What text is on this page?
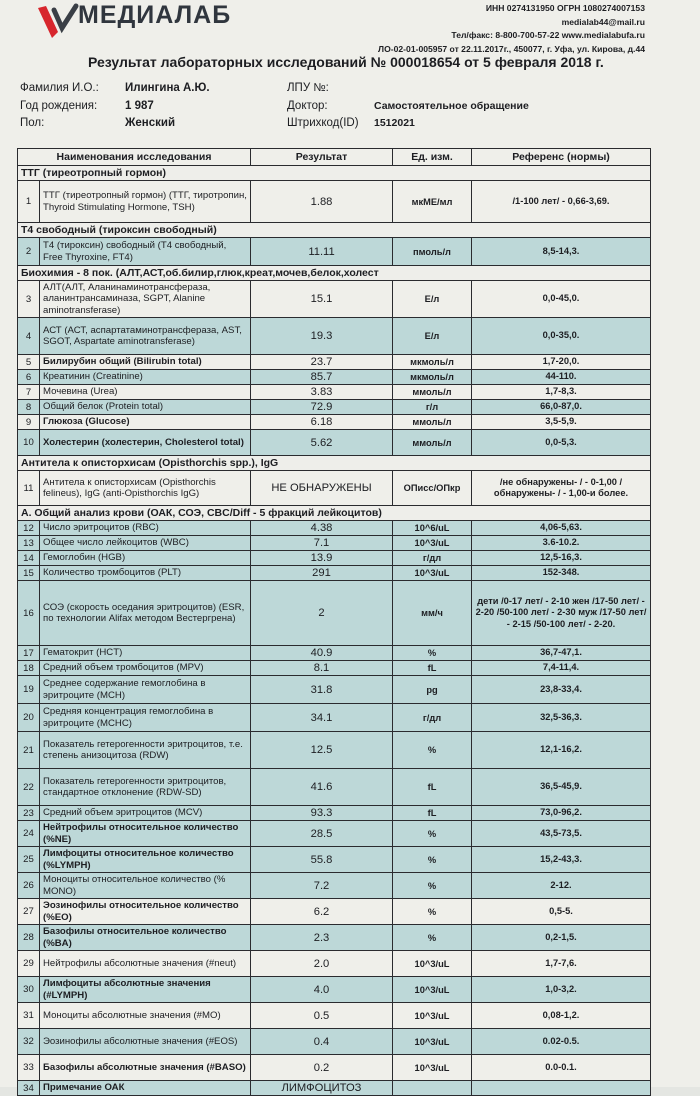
МЕДИАЛАБ	ИНН 0274131950 ОГРН 1080274007153
medialab44@mail.ru
Тел/факс: 8-800-700-57-22 www.medialabufa.ru
ЛО-02-01-005957 от 22.11.2017г., 450077, г. Уфа, ул. Кирова, д.44
Результат лабораторных исследований № 000018654 от 5 февраля 2018 г.
Фамилия И.О.: Илингина А.Ю.
Год рождения: 1 987
Пол:	Женский
ЛПУ №:
Доктор:	Самостоятельное обращение
Штрихкод(ID) 1512021
Наименования исследования		Результат	Ед. изм.	Референс (нормы)
ТТГ (тиреотропный гормон)				
1	ТТГ (тиреотропный гормон) (ТТГ, тиротропин, Thyroid Stimulating Hormone, TSH)	1.88	мкМЕ/мл	/1-100 лет/ - 0,66-3,69.
Т4 свободный (тироксин свободный)				
2	Т4 (тироксин) свободный (Т4 свободный, Free Thyroxine, FT4)	11.11	пмоль/л	8,5-14,3.
Биохимия - 8 пок. (АЛТ,АСТ,об.билир,глюк,креат,мочев,белок,холест				
3	АЛТ(АЛТ, Аланинаминотрансфераза, аланинтрансаминаза, SGPT, Alanine aminotransferase)	15.1	Е/л	0,0-45,0.
4	АСТ (АСТ, аспартатаминотрансфераза, AST, SGOT, Aspartate aminotransferase)	19.3	Е/л	0,0-35,0.
5	Билирубин общий (Bilirubin total)	23.7	мкмоль/л	1,7-20,0.
6	Креатинин (Creatinine)	85.7	мкмоль/л	44-110.
7	Мочевина (Urea)	3.83	ммоль/л	1,7-8,3.
8	Общий белок (Protein total)	72.9	г/л	66,0-87,0.
9	Глюкоза (Glucose)	6.18	ммоль/л	3,5-5,9.
10	Холестерин (холестерин, Cholesterol total)	5.62	ммоль/л	0,0-5,3.
Антитела к описторхисам (Opisthorchis spp.), IgG				
11	Антитела к описторхисам (Opisthorchis felineus), IgG (anti-Opisthorchis IgG)	НЕ ОБНАРУЖЕНЫ	ОПисс/ОПкр	/не обнаружены- / - 0-1,00 /обнаружены- / - 1,00-и более.
А. Общий анализ крови (ОАК, СОЭ, CBC/Diff - 5 фракций лейкоцитов)				
12	Число эритроцитов (RBC)	4.38	10^6/uL	4,06-5,63.
13	Общее число лейкоцитов (WBC)	7.1	10^3/uL	3.6-10.2.
14	Гемоглобин (HGB)	13.9	г/дл	12,5-16,3.
15	Количество тромбоцитов (PLT)	291	10^3/uL	152-348.
16	СОЭ (скорость оседания эритроцитов) (ESR, по технологии Alifax методом Вестергрена)	2	мм/ч	дети /0-17 лет/ - 2-10 жен /17-50 лет/ - 2-20 /50-100 лет/ - 2-30 муж /17-50 лет/ - 2-15 /50-100 лет/ - 2-20.
17	Гематокрит (HCT)	40.9	%	36,7-47,1.
18	Средний объем тромбоцитов (MPV)	8.1	fL	7,4-11,4.
19	Среднее содержание гемоглобина в эритроците (MCH)	31.8	pg	23,8-33,4.
20	Средняя концентрация гемоглобина в эритроците (MCHC)	34.1	г/дл	32,5-36,3.
21	Показатель гетерогенности эритроцитов, т.е. степень анизоцитоза (RDW)	12.5	%	12,1-16,2.
22	Показатель гетерогенности эритроцитов, стандартное отклонение (RDW-SD)	41.6	fL	36,5-45,9.
23	Средний объем эритроцитов (MCV)	93.3	fL	73,0-96,2.
24	Нейтрофилы относительное количество (%NE)	28.5	%	43,5-73,5.
25	Лимфоциты относительное количество (%LYMPH)	55.8	%	15,2-43,3.
26	Моноциты относительное количество (% MONO)	7.2	%	2-12.
27	Эозинофилы относительное количество (%EO)	6.2	%	0,5-5.
28	Базофилы относительное количество (%BA)	2.3	%	0,2-1,5.
29	Нейтрофилы абсолютные значения (#neut)	2.0	10^3/uL	1,7-7,6.
30	Лимфоциты абсолютные значения (#LYMPH)	4.0	10^3/uL	1,0-3,2.
31	Моноциты абсолютные значения (#MO)	0.5	10^3/uL	0,08-1,2.
32	Эозинофилы абсолютные значения (#EOS)	0.4	10^3/uL	0.02-0.5.
33	Базофилы абсолютные значения (#BASO)	0.2	10^3/uL	0.0-0.1.
34	Примечание ОАК	ЛИМФОЦИТОЗ		
